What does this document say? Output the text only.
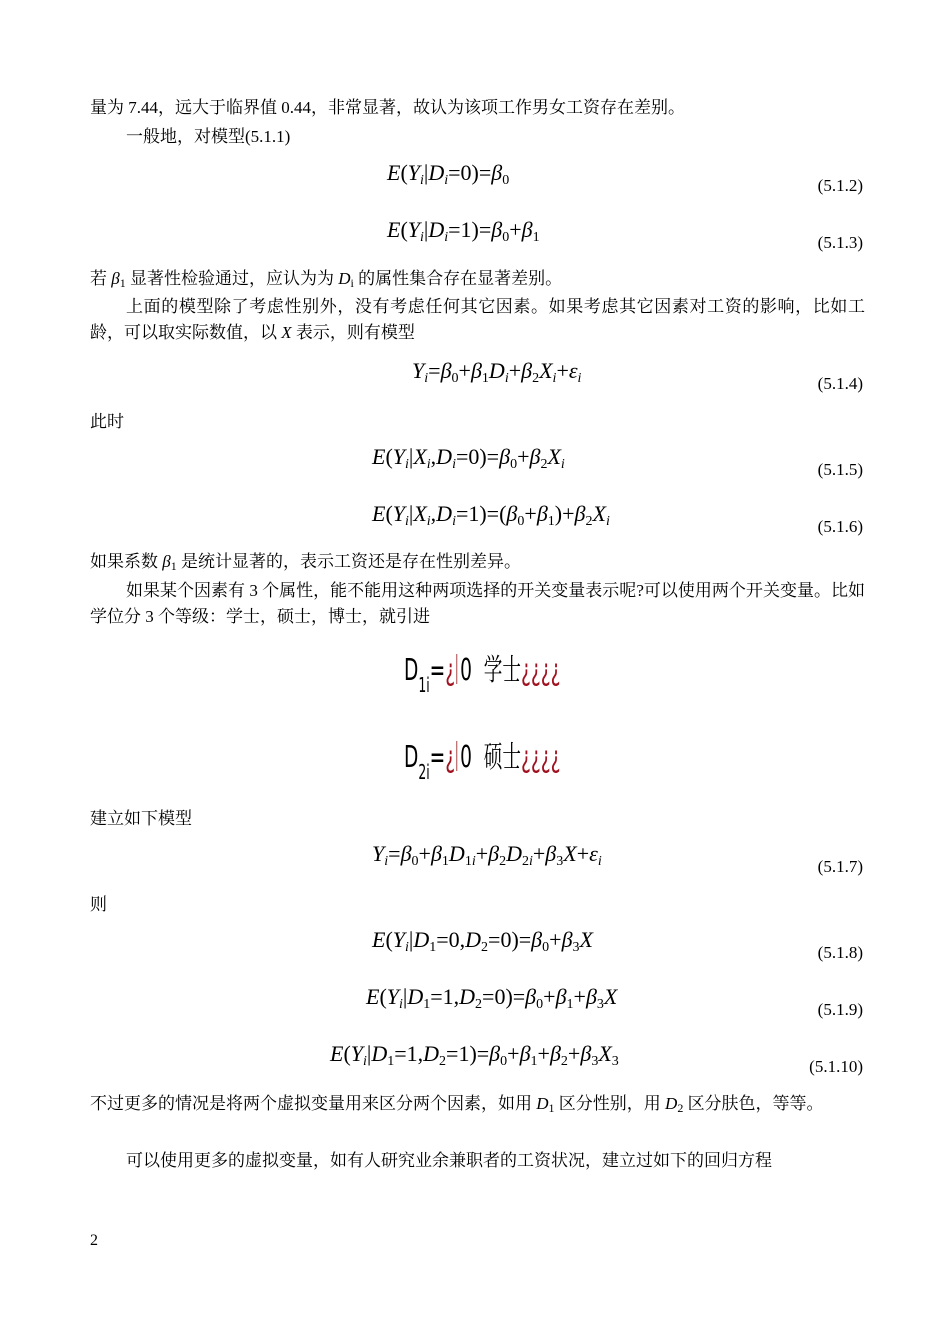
量为 7.44，远大于临界值 0.44，非常显著，故认为该项工作男女工资存在差别。
一般地，对模型(5.1.1)
$E(Y_i|D_i=0)=\beta_0$	(5.1.2)
$E(Y_i|D_i=1)=\beta_0+\beta_1$	(5.1.3)
若 $\beta_1$ 显著性检验通过，应认为为 $D_i$ 的属性集合存在显著差别。
上面的模型除了考虑性别外，没有考虑任何其它因素。如果考虑其它因素对工资的影响，比如工龄，可以取实际数值，以 X 表示，则有模型
$Y_i=\beta_0+\beta_1D_i+\beta_2X_i+\varepsilon_i$	(5.1.4)
此时
$E(Y_i|X_i,D_i=0)=\beta_0+\beta_2X_i$	(5.1.5)
$E(Y_i|X_i,D_i=1)=(\beta_0+\beta_1)+\beta_2X_i$	(5.1.6)
如果系数 $\beta_1$ 是统计显著的，表示工资还是存在性别差异。
如果某个因素有 3 个属性，能不能用这种两项选择的开关变量表示呢?可以使用两个开关变量。比如学位分 3 个等级：学士，硕士，博士，就引进
$D_{1i}=¿$ 0 学士¿¿¿¿
$D_{2i}=¿$ 0 硕士¿¿¿¿
建立如下模型
$Y_i=\beta_0+\beta_1D_{1i}+\beta_2D_{2i}+\beta_3X+\varepsilon_i$	(5.1.7)
则
$E(Y_i|D_1=0,D_2=0)=\beta_0+\beta_3X$
(5.1.8)
$E(Y_i|D_1=1,D_2=0)=\beta_0+\beta_1+\beta_3X$
(5.1.9)
$E(Y_i|D_1=1,D_2=1)=\beta_0+\beta_1+\beta_2+\beta_3X_3$	(5.1.10)
不过更多的情况是将两个虚拟变量用来区分两个因素，如用 $D_1$ 区分性别，用 $D_2$ 区分肤色，等等。
可以使用更多的虚拟变量，如有人研究业余兼职者的工资状况，建立过如下的回归方程
2
